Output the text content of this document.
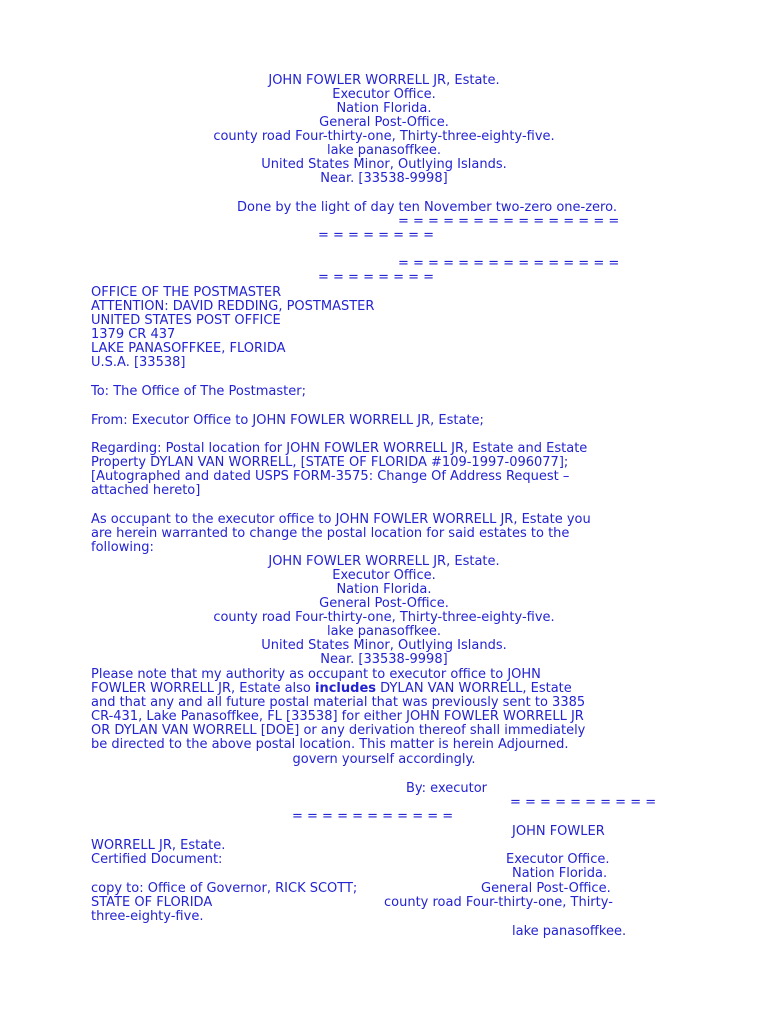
JOHN FOWLER WORRELL JR, Estate.
Executor Office.
Nation Florida.
General Post-Office.
county road Four-thirty-one, Thirty-three-eighty-five.
lake panasoffkee.
United States Minor, Outlying Islands.
Near. [33538-9998]
Done by the light of day ten November two-zero one-zero.
= = = = = = = = = = = = = = =
= = = = = = = =
= = = = = = = = = = = = = = =
= = = = = = = =
OFFICE OF THE POSTMASTER
ATTENTION: DAVID REDDING, POSTMASTER
UNITED STATES POST OFFICE
1379 CR 437
LAKE PANASOFFKEE, FLORIDA
U.S.A. [33538]
To: The Office of The Postmaster;
From: Executor Office to JOHN FOWLER WORRELL JR, Estate;
Regarding: Postal location for JOHN FOWLER WORRELL JR, Estate and Estate
Property DYLAN VAN WORRELL, [STATE OF FLORIDA #109-1997-096077];
[Autographed and dated USPS FORM-3575: Change Of Address Request –
attached hereto]
As occupant to the executor office to JOHN FOWLER WORRELL JR, Estate you
are herein warranted to change the postal location for said estates to the
following:
JOHN FOWLER WORRELL JR, Estate.
Executor Office.
Nation Florida.
General Post-Office.
county road Four-thirty-one, Thirty-three-eighty-five.
lake panasoffkee.
United States Minor, Outlying Islands.
Near. [33538-9998]
Please note that my authority as occupant to executor office to JOHN
FOWLER WORRELL JR, Estate also includes DYLAN VAN WORRELL, Estate
and that any and all future postal material that was previously sent to 3385
CR-431, Lake Panasoffkee, FL [33538] for either JOHN FOWLER WORRELL JR
OR DYLAN VAN WORRELL [DOE] or any derivation thereof shall immediately
be directed to the above postal location. This matter is herein Adjourned.
govern yourself accordingly.
By: executor
= = = = = = = = = =
= = = = = = = = = = =
JOHN FOWLER
WORRELL JR, Estate.
Certified Document:	Executor Office.
Nation Florida.
copy to: Office of Governor, RICK SCOTT;	General Post-Office.
STATE OF FLORIDA	county road Four-thirty-one, Thirty-
three-eighty-five.
lake panasoffkee.
